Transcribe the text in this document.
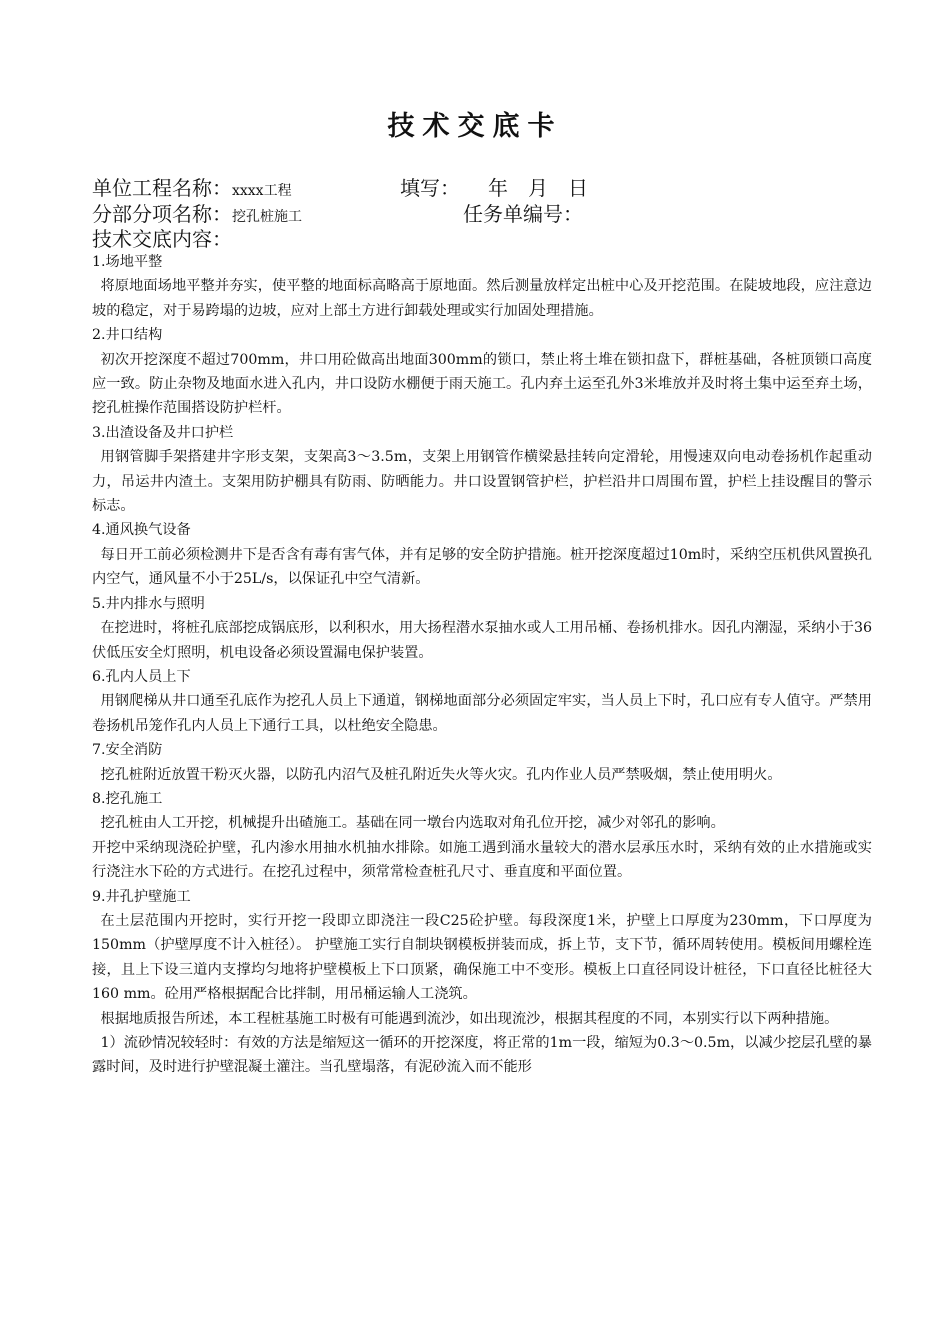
技术交底卡
单位工程名称：xxxx工程	填写： 年　月　日
分部分项名称：挖孔桩施工	任务单编号：
技术交底内容：

1.场地平整

将原地面场地平整并夯实，使平整的地面标高略高于原地面。然后测量放样定出桩中心及开挖范围。在陡坡地段，应注意边坡的稳定，对于易跨塌的边坡，应对上部土方进行卸载处理或实行加固处理措施。

2.井口结构

初次开挖深度不超过700mm，井口用砼做高出地面300mm的锁口，禁止将土堆在锁扣盘下，群桩基础，各桩顶锁口高度应一致。防止杂物及地面水进入孔内，井口设防水棚便于雨天施工。孔内弃土运至孔外3米堆放并及时将土集中运至弃土场，挖孔桩操作范围搭设防护栏杆。

3.出渣设备及井口护栏

用钢管脚手架搭建井字形支架，支架高3～3.5m，支架上用钢管作横梁悬挂转向定滑轮，用慢速双向电动卷扬机作起重动力，吊运井内渣土。支架用防护棚具有防雨、防晒能力。井口设置钢管护栏，护栏沿井口周围布置，护栏上挂设醒目的警示标志。

4.通风换气设备

每日开工前必须检测井下是否含有毒有害气体，并有足够的安全防护措施。桩开挖深度超过10m时，采纳空压机供风置换孔内空气，通风量不小于25L/s，以保证孔中空气清新。

5.井内排水与照明

在挖进时，将桩孔底部挖成锅底形，以利积水，用大扬程潜水泵抽水或人工用吊桶、卷扬机排水。因孔内潮湿，采纳小于36伏低压安全灯照明，机电设备必须设置漏电保护装置。

6.孔内人员上下

用钢爬梯从井口通至孔底作为挖孔人员上下通道，钢梯地面部分必须固定牢实，当人员上下时，孔口应有专人值守。严禁用卷扬机吊笼作孔内人员上下通行工具，以杜绝安全隐患。

7.安全消防

挖孔桩附近放置干粉灭火器，以防孔内沼气及桩孔附近失火等火灾。孔内作业人员严禁吸烟，禁止使用明火。

8.挖孔施工

挖孔桩由人工开挖，机械提升出碴施工。基础在同一墩台内选取对角孔位开挖，减少对邻孔的影响。

开挖中采纳现浇砼护壁，孔内渗水用抽水机抽水排除。如施工遇到涌水量较大的潜水层承压水时，采纳有效的止水措施或实行浇注水下砼的方式进行。在挖孔过程中，须常常检查桩孔尺寸、垂直度和平面位置。

9.井孔护壁施工

在土层范围内开挖时，实行开挖一段即立即浇注一段C25砼护壁。每段深度1米，护壁上口厚度为230mm，下口厚度为150mm（护壁厚度不计入桩径）。 护壁施工实行自制块钢模板拼装而成，拆上节，支下节，循环周转使用。模板间用螺栓连接，且上下设三道内支撑均匀地将护壁模板上下口顶紧，确保施工中不变形。模板上口直径同设计桩径，下口直径比桩径大160 mm。砼用严格根据配合比拌制，用吊桶运输人工浇筑。

根据地质报告所述，本工程桩基施工时极有可能遇到流沙，如出现流沙，根据其程度的不同，本别实行以下两种措施。

1）流砂情况较轻时：有效的方法是缩短这一循环的开挖深度，将正常的1m一段，缩短为0.3～0.5m，以减少挖层孔壁的暴露时间，及时进行护壁混凝土灌注。当孔壁塌落，有泥砂流入而不能形
